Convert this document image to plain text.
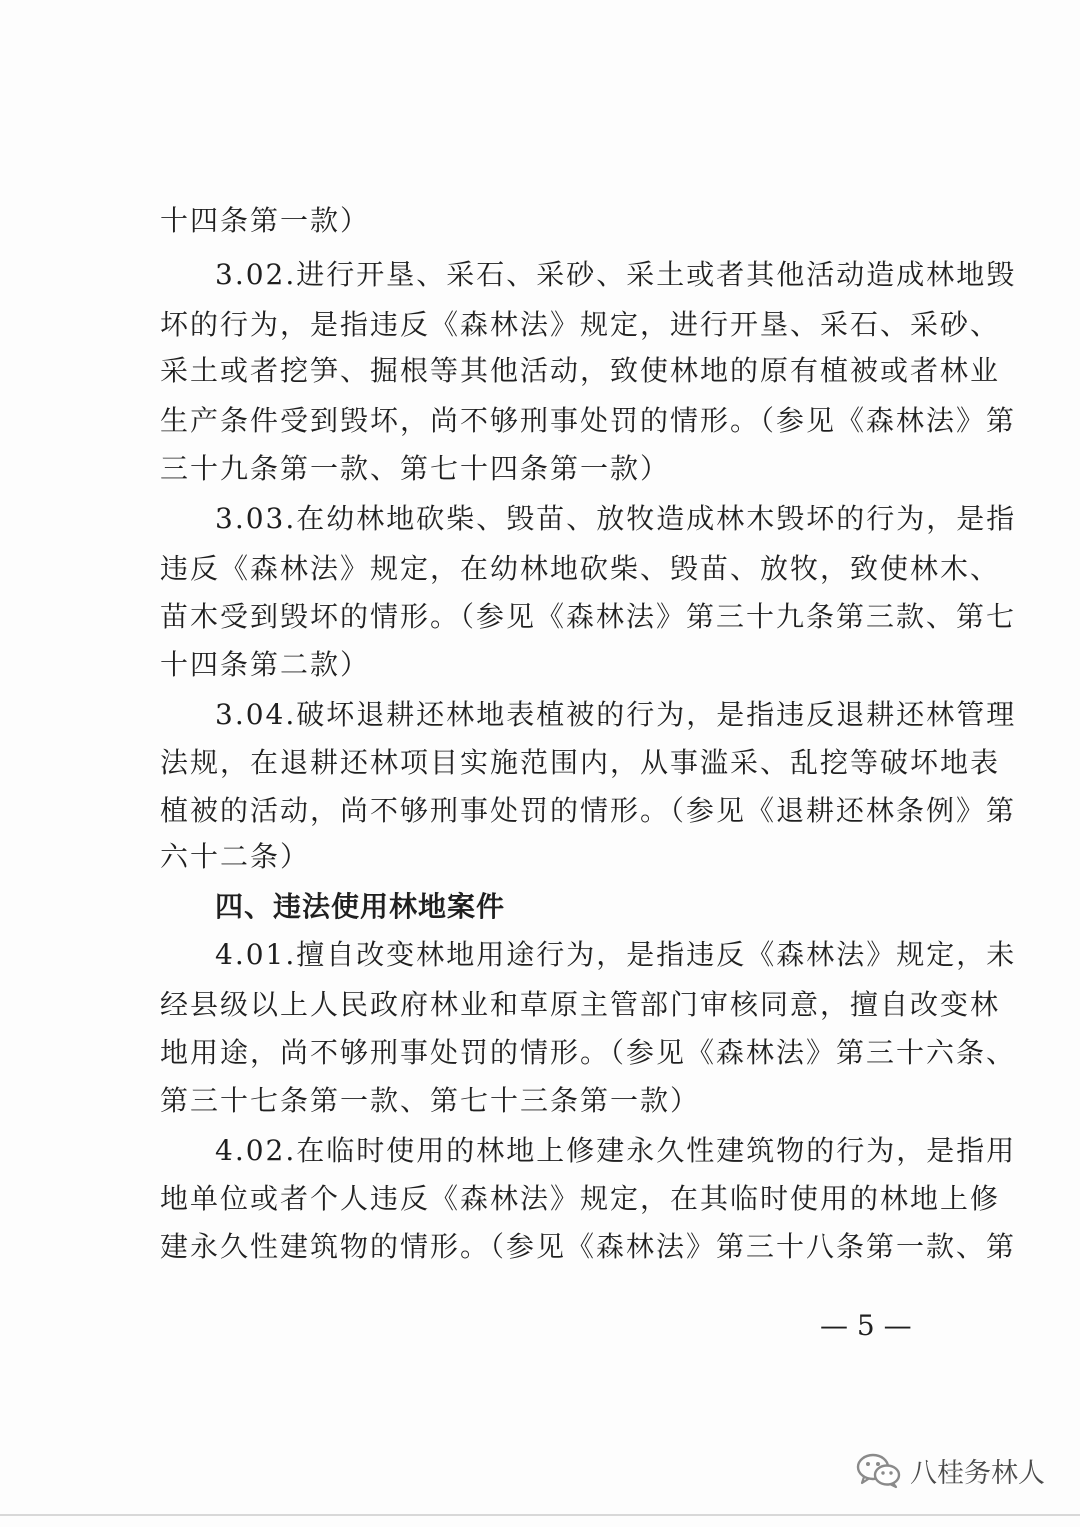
十四条第一款）
3.02.进行开垦、采石、采砂、采土或者其他活动造成林地毁
坏的行为，是指违反《森林法》规定，进行开垦、采石、采砂、
采土或者挖笋、掘根等其他活动，致使林地的原有植被或者林业
生产条件受到毁坏，尚不够刑事处罚的情形。（参见《森林法》第
三十九条第一款、第七十四条第一款）
3.03.在幼林地砍柴、毁苗、放牧造成林木毁坏的行为，是指
违反《森林法》规定，在幼林地砍柴、毁苗、放牧，致使林木、
苗木受到毁坏的情形。（参见《森林法》第三十九条第三款、第七
十四条第二款）
3.04.破坏退耕还林地表植被的行为，是指违反退耕还林管理
法规，在退耕还林项目实施范围内，从事滥采、乱挖等破坏地表
植被的活动，尚不够刑事处罚的情形。（参见《退耕还林条例》第
六十二条）
四、违法使用林地案件
4.01.擅自改变林地用途行为，是指违反《森林法》规定，未
经县级以上人民政府林业和草原主管部门审核同意，擅自改变林
地用途，尚不够刑事处罚的情形。（参见《森林法》第三十六条、
第三十七条第一款、第七十三条第一款）
4.02.在临时使用的林地上修建永久性建筑物的行为，是指用
地单位或者个人违反《森林法》规定，在其临时使用的林地上修
建永久性建筑物的情形。（参见《森林法》第三十八条第一款、第
— 5 —
八桂务林人
